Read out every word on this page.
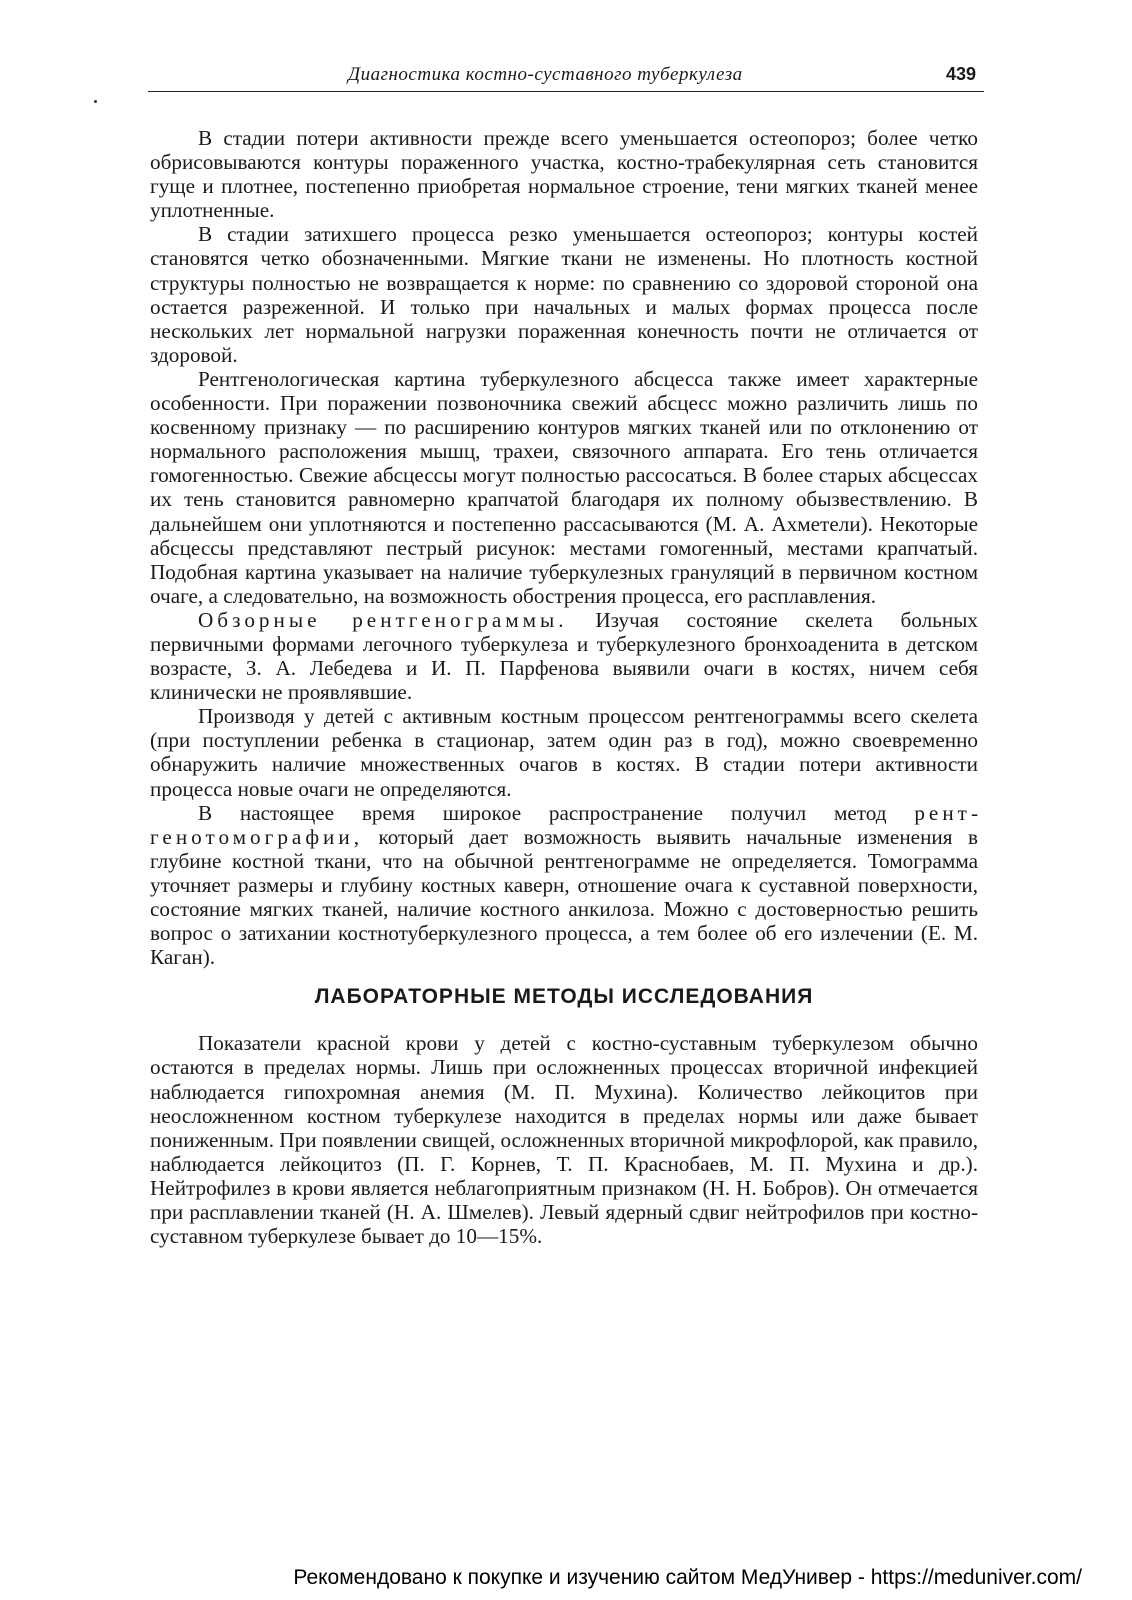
Диагностика костно-суставного туберкулеза	439

В стадии потери активности прежде всего уменьшается остеопороз; более четко обрисовываются контуры пораженного участка, костно-трабекулярная сеть становится гуще и плотнее, постепенно приобретая нормальное строение, тени мягких тканей менее уплотненные.

В стадии затихшего процесса резко уменьшается остеопороз; контуры костей становятся четко обозначенными. Мягкие ткани не изменены. Но плотность костной структуры полностью не возвращается к норме: по сравнению со здоровой стороной она остается разреженной. И только при начальных и малых формах процесса после нескольких лет нормальной нагрузки пораженная конечность почти не отличается от здоровой.

Рентгенологическая картина туберкулезного абсцесса также имеет характерные особенности. При поражении позвоночника свежий абсцесс можно различить лишь по косвенному признаку — по расширению контуров мягких тканей или по отклонению от нормального расположения мышц, трахеи, связочного аппарата. Его тень отличается гомогенностью. Свежие абсцессы могут полностью рассосаться. В более старых абсцессах их тень становится равномерно крапчатой благодаря их полному обызвествлению. В дальнейшем они уплотняются и постепенно рассасываются (М. А. Ахметели). Некоторые абсцессы представляют пестрый рисунок: местами гомогенный, местами крапчатый. Подобная картина указывает на наличие туберкулезных грануляций в первичном костном очаге, а следовательно, на возможность обострения процесса, его расплавления.

Обзорные рентгенограммы. Изучая состояние скелета больных первичными формами легочного туберкулеза и туберкулезного бронхоаденита в детском возрасте, З. А. Лебедева и И. П. Парфенова выявили очаги в костях, ничем себя клинически не проявлявшие.

Производя у детей с активным костным процессом рентгенограммы всего скелета (при поступлении ребенка в стационар, затем один раз в год), можно своевременно обнаружить наличие множественных очагов в костях. В стадии потери активности процесса новые очаги не определяются.

В настоящее время широкое распространение получил метод рентгенотомографии, который дает возможность выявить начальные изменения в глубине костной ткани, что на обычной рентгенограмме не определяется. Томограмма уточняет размеры и глубину костных каверн, отношение очага к суставной поверхности, состояние мягких тканей, наличие костного анкилоза. Можно с достоверностью решить вопрос о затихании костнотуберкулезного процесса, а тем более об его излечении (Е. М. Каган).

ЛАБОРАТОРНЫЕ МЕТОДЫ ИССЛЕДОВАНИЯ

Показатели красной крови у детей с костно-суставным туберкулезом обычно остаются в пределах нормы. Лишь при осложненных процессах вторичной инфекцией наблюдается гипохромная анемия (М. П. Мухина). Количество лейкоцитов при неосложненном костном туберкулезе находится в пределах нормы или даже бывает пониженным. При появлении свищей, осложненных вторичной микрофлорой, как правило, наблюдается лейкоцитоз (П. Г. Корнев, Т. П. Краснобаев, М. П. Мухина и др.). Нейтрофилез в крови является неблагоприятным признаком (Н. Н. Бобров). Он отмечается при расплавлении тканей (Н. А. Шмелев). Левый ядерный сдвиг нейтрофилов при костно-суставном туберкулезе бывает до 10—15%.

Рекомендовано к покупке и изучению сайтом МедУнивер - https://meduniver.com/
